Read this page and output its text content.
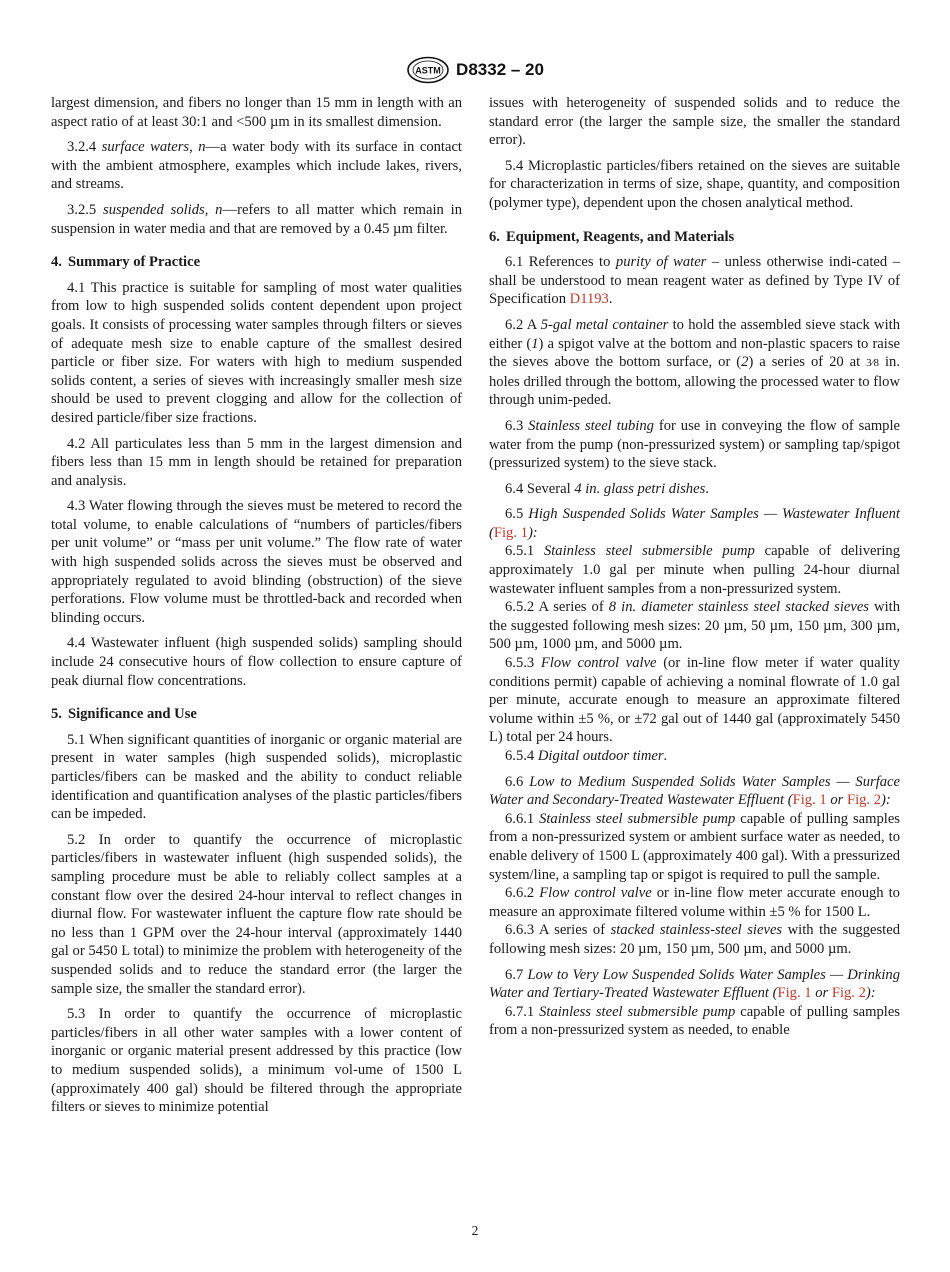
ASTM D8332 – 20

largest dimension, and fibers no longer than 15 mm in length with an aspect ratio of at least 30:1 and <500 µm in its smallest dimension.

3.2.4 surface waters, n—a water body with its surface in contact with the ambient atmosphere, examples which include lakes, rivers, and streams.

3.2.5 suspended solids, n—refers to all matter which remain in suspension in water media and that are removed by a 0.45 µm filter.

4. Summary of Practice

4.1 This practice is suitable for sampling of most water qualities from low to high suspended solids content dependent upon project goals. It consists of processing water samples through filters or sieves of adequate mesh size to enable capture of the smallest desired particle or fiber size. For waters with high to medium suspended solids content, a series of sieves with increasingly smaller mesh size should be used to prevent clogging and allow for the collection of desired particle/fiber size fractions.

4.2 All particulates less than 5 mm in the largest dimension and fibers less than 15 mm in length should be retained for preparation and analysis.

4.3 Water flowing through the sieves must be metered to record the total volume, to enable calculations of “numbers of particles/fibers per unit volume” or “mass per unit volume.” The flow rate of water with high suspended solids across the sieves must be observed and appropriately regulated to avoid blinding (obstruction) of the sieve perforations. Flow volume must be throttled-back and recorded when blinding occurs.

4.4 Wastewater influent (high suspended solids) sampling should include 24 consecutive hours of flow collection to ensure capture of peak diurnal flow concentrations.

5. Significance and Use

5.1 When significant quantities of inorganic or organic material are present in water samples (high suspended solids), microplastic particles/fibers can be masked and the ability to conduct reliable identification and quantification analyses of the plastic particles/fibers can be impeded.

5.2 In order to quantify the occurrence of microplastic particles/fibers in wastewater influent (high suspended solids), the sampling procedure must be able to reliably collect samples at a constant flow over the desired 24-hour interval to reflect changes in diurnal flow. For wastewater influent the capture flow rate should be no less than 1 GPM over the 24-hour interval (approximately 1440 gal or 5450 L total) to minimize the problem with heterogeneity of the suspended solids and to reduce the standard error (the larger the sample size, the smaller the standard error).

5.3 In order to quantify the occurrence of microplastic particles/fibers in all other water samples with a lower content of inorganic or organic material present addressed by this practice (low to medium suspended solids), a minimum vol-ume of 1500 L (approximately 400 gal) should be filtered through the appropriate filters or sieves to minimize potential

issues with heterogeneity of suspended solids and to reduce the standard error (the larger the sample size, the smaller the standard error).

5.4 Microplastic particles/fibers retained on the sieves are suitable for characterization in terms of size, shape, quantity, and composition (polymer type), dependent upon the chosen analytical method.

6. Equipment, Reagents, and Materials

6.1 References to purity of water – unless otherwise indi-cated – shall be understood to mean reagent water as defined by Type IV of Specification D1193.

6.2 A 5-gal metal container to hold the assembled sieve stack with either (1) a spigot valve at the bottom and non-plastic spacers to raise the sieves above the bottom surface, or (2) a series of 20 at 3⁄8 in. holes drilled through the bottom, allowing the processed water to flow through unim-peded.

6.3 Stainless steel tubing for use in conveying the flow of sample water from the pump (non-pressurized system) or sampling tap/spigot (pressurized system) to the sieve stack.

6.4 Several 4 in. glass petri dishes.

6.5 High Suspended Solids Water Samples — Wastewater Influent (Fig. 1):

6.5.1 Stainless steel submersible pump capable of delivering approximately 1.0 gal per minute when pulling 24-hour diurnal wastewater influent samples from a non-pressurized system.

6.5.2 A series of 8 in. diameter stainless steel stacked sieves with the suggested following mesh sizes: 20 µm, 50 µm, 150 µm, 300 µm, 500 µm, 1000 µm, and 5000 µm.

6.5.3 Flow control valve (or in-line flow meter if water quality conditions permit) capable of achieving a nominal flowrate of 1.0 gal per minute, accurate enough to measure an approximate filtered volume within ±5 %, or ±72 gal out of 1440 gal (approximately 5450 L) total per 24 hours.

6.5.4 Digital outdoor timer.

6.6 Low to Medium Suspended Solids Water Samples — Surface Water and Secondary-Treated Wastewater Effluent (Fig. 1 or Fig. 2):

6.6.1 Stainless steel submersible pump capable of pulling samples from a non-pressurized system or ambient surface water as needed, to enable delivery of 1500 L (approximately 400 gal). With a pressurized system/line, a sampling tap or spigot is required to pull the sample.

6.6.2 Flow control valve or in-line flow meter accurate enough to measure an approximate filtered volume within ±5 % for 1500 L.

6.6.3 A series of stacked stainless-steel sieves with the suggested following mesh sizes: 20 µm, 150 µm, 500 µm, and 5000 µm.

6.7 Low to Very Low Suspended Solids Water Samples — Drinking Water and Tertiary-Treated Wastewater Effluent (Fig. 1 or Fig. 2):

6.7.1 Stainless steel submersible pump capable of pulling samples from a non-pressurized system as needed, to enable

2
